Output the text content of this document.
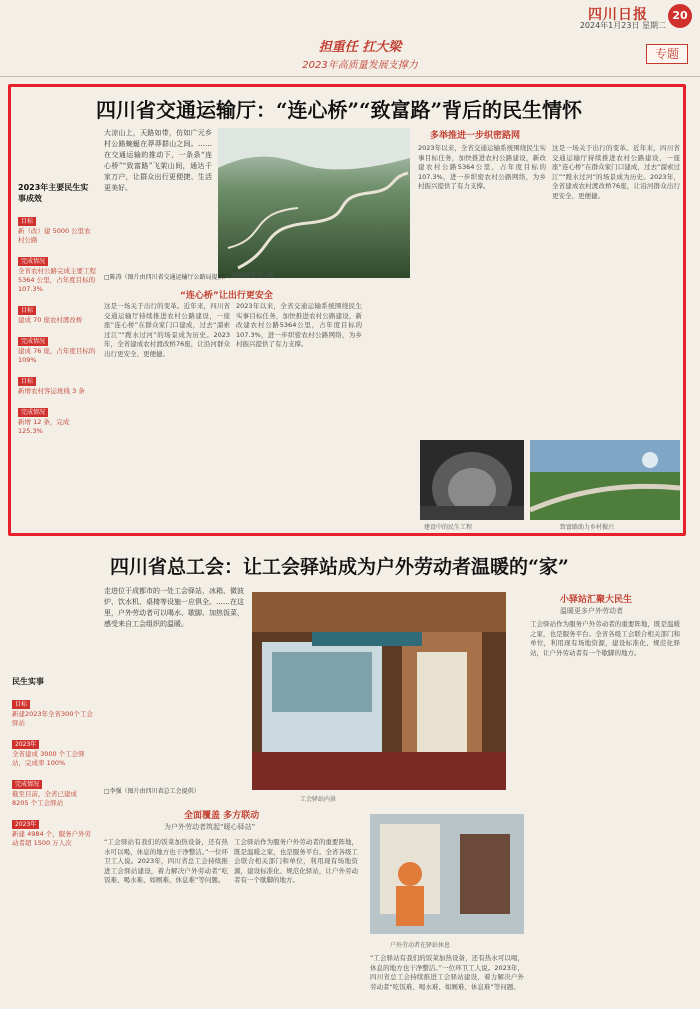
四川日报	20
2024年1月23日 星期二
担重任 扛大梁
2023年高质量发展支撑力
专题
四川省交通运输厅：“连心桥”“致富路”背后的民生情怀
2023年主要民生实事成效
目标
新（改）建 5000 公里农村公路
完成情况
全省农村公路完成主要工程 5364 公里，占年度目标的 107.3%
目标
建成 70 座农村渡改桥
完成情况
建成 76 座，占年度目标的 109%
目标
新增农村客运班线 3 条
完成情况
新增 12 条，完成 125.3%
大凉山上，天路如带，仿如广元乡村公路蜿蜒在莽莽群山之间。……在交通运输的推动下，一条条“连心桥”“致富路”飞架山间，通达千家万户，让群众出行更便捷、生活更美好。
剑阁县旅游公路
□陈涛（图片由四川省交通运输厅公路局提供）
“连心桥”让出行更安全
这是一场关于出行的变革。近年来，四川省交通运输厅持续推进农村公路建设，一座座“连心桥”在群众家门口建成，过去“溜索过江”“蹚水过河”的场景成为历史。2023年，全省建成农村渡改桥76座，让沿河群众出行更安全、更便捷。
2023年以来，全省交通运输系统围绕民生实事目标任务，加快推进农村公路建设，新改建农村公路5364公里，占年度目标的107.3%，进一步织密农村公路网络，为乡村振兴提供了有力支撑。
多举推进一步织密路网
2023年以来，全省交通运输系统围绕民生实事目标任务，加快推进农村公路建设，新改建农村公路5364公里，占年度目标的107.3%，进一步织密农村公路网络，为乡村振兴提供了有力支撑。
这是一场关于出行的变革。近年来，四川省交通运输厅持续推进农村公路建设，一座座“连心桥”在群众家门口建成，过去“溜索过江”“蹚水过河”的场景成为历史。2023年，全省建成农村渡改桥76座，让沿河群众出行更安全、更便捷。
建设中的民生工程	致富路助力乡村振兴
四川省总工会：让工会驿站成为户外劳动者温暖的“家”
民生实事
目标
新建2023年全省300个工会驿站
2023年
全省建成 3000 个工会驿站，完成率 100%
完成情况
截至目前，全省已建成 8205 个工会驿站
2023年
新建 4984 个，服务户外劳动者超 1500 万人次
走进位于成都市的一处工会驿站，冰箱、微波炉、饮水机、桌椅等设施一应俱全。……在这里，户外劳动者可以喝水、歇脚、加热饭菜，感受来自工会组织的温暖。
□李强（图片由四川省总工会提供）
工会驿站内景
小驿站汇聚大民生
温暖更多户外劳动者
工会驿站作为服务户外劳动者的重要阵地，既是温暖之家，也是服务平台。全省各级工会联合相关部门和单位，利用现有场地资源，建设标准化、规范化驿站，让户外劳动者有一个歇脚的地方。
全面覆盖 多方联动
为户外劳动者筑起“暖心驿站”
“工会驿站有我们的饭菜加热设备，还有热水可以喝，休息的地方也干净整洁。”一位环卫工人说。2023年，四川省总工会持续推进工会驿站建设，着力解决户外劳动者“吃饭难、喝水难、如厕难、休息难”等问题。
工会驿站作为服务户外劳动者的重要阵地，既是温暖之家，也是服务平台。全省各级工会联合相关部门和单位，利用现有场地资源，建设标准化、规范化驿站，让户外劳动者有一个歇脚的地方。
户外劳动者在驿站休息
“工会驿站有我们的饭菜加热设备，还有热水可以喝，休息的地方也干净整洁。”一位环卫工人说。2023年，四川省总工会持续推进工会驿站建设，着力解决户外劳动者“吃饭难、喝水难、如厕难、休息难”等问题。
